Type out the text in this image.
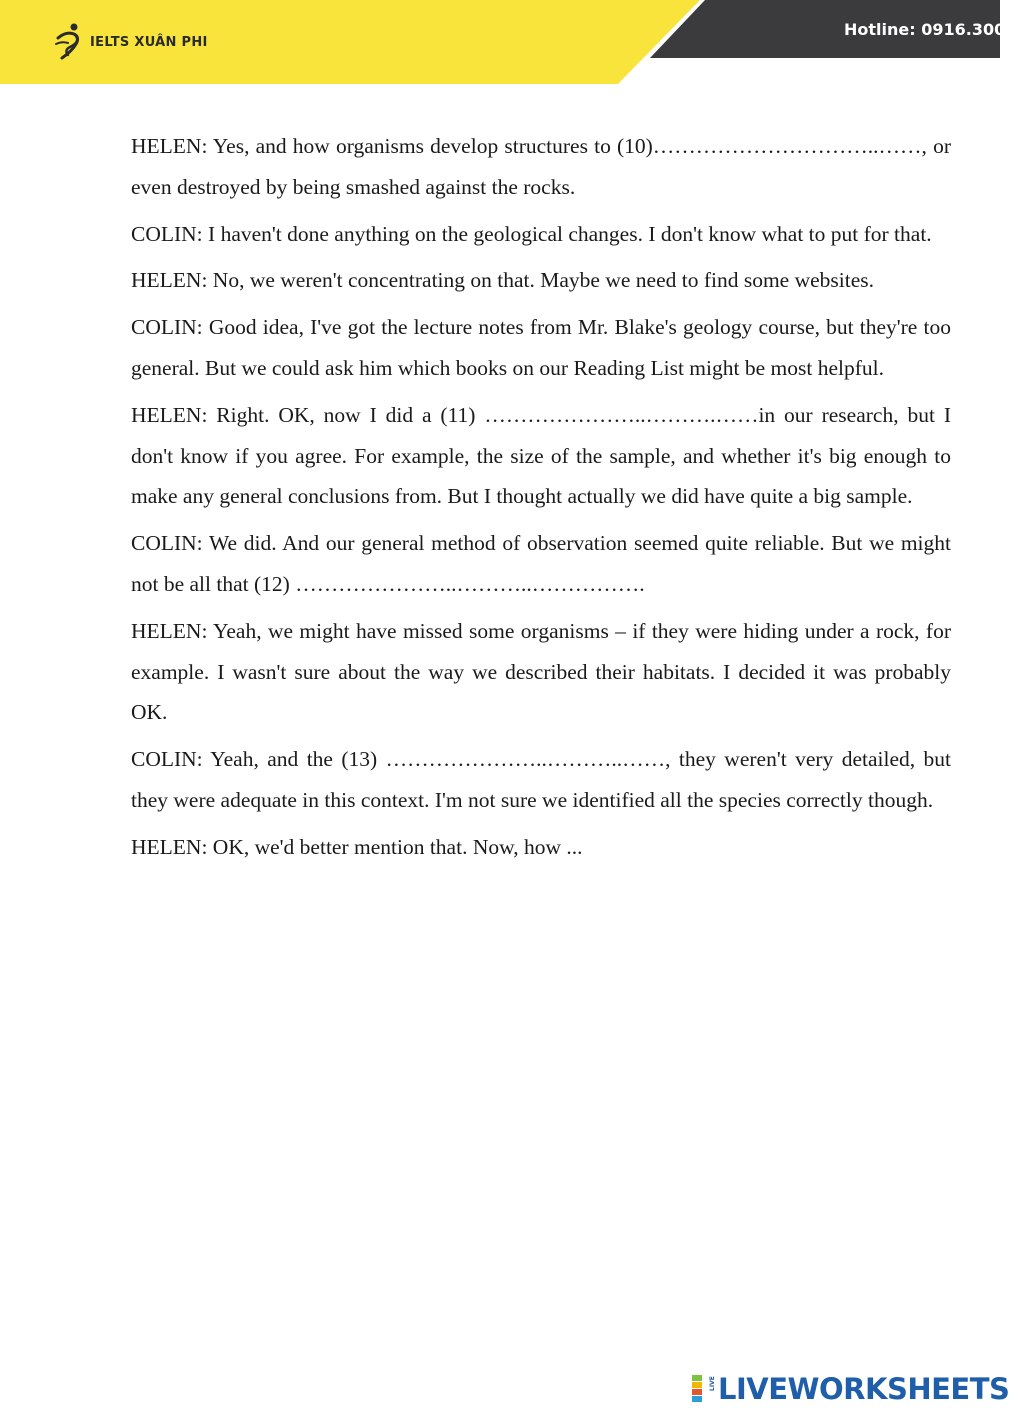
IELTS XUÂN PHI
Hotline: 0916.300.7

HELEN: Yes, and how organisms develop structures to (10)…………………………..……, or even destroyed by being smashed against the rocks.

COLIN: I haven't done anything on the geological changes. I don't know what to put for that.

HELEN: No, we weren't concentrating on that. Maybe we need to find some websites.

COLIN: Good idea, I've got the lecture notes from Mr. Blake's geology course, but they're too general. But we could ask him which books on our Reading List might be most helpful.

HELEN: Right. OK, now I did a (11) …………………..……….……in our research, but I don't know if you agree. For example, the size of the sample, and whether it's big enough to make any general conclusions from. But I thought actually we did have quite a big sample.

COLIN: We did. And our general method of observation seemed quite reliable. But we might not be all that (12) …………………..………..…………….

HELEN: Yeah, we might have missed some organisms – if they were hiding under a rock, for example. I wasn't sure about the way we described their habitats. I decided it was probably OK.

COLIN: Yeah, and the (13) …………………..………..……, they weren't very detailed, but they were adequate in this context. I'm not sure we identified all the species correctly though.

HELEN: OK, we'd better mention that. Now, how ...

LIVE LIVEWORKSHEETS
